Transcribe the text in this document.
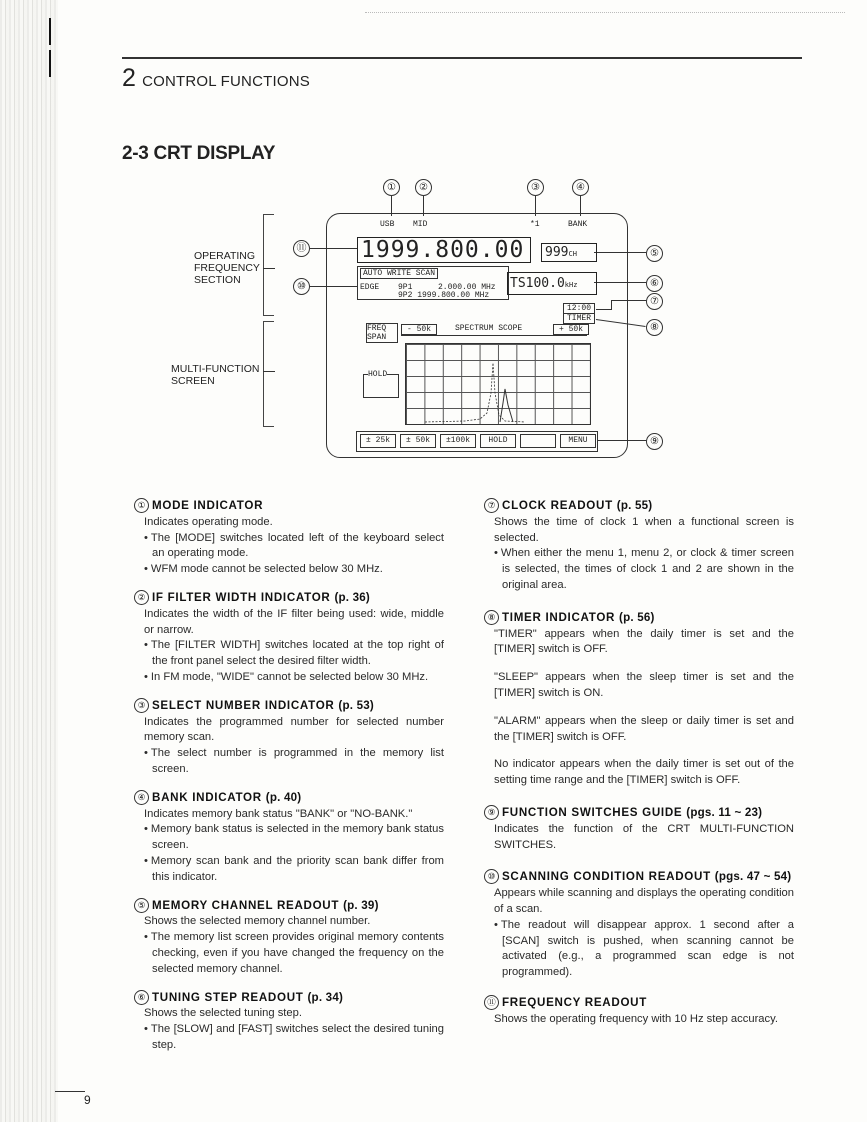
2 CONTROL FUNCTIONS
2-3 CRT DISPLAY
OPERATING
FREQUENCY
SECTION
MULTI-FUNCTION
SCREEN
①	②	③	④
⑪
⑩
⑤
⑥
⑦
⑧
⑨
USB MID	*1	BANK
1999.800.00	999CH
AUTO WRITE SCAN
EDGE 9P1	2.000.00 MHz
9P2 1999.800.00 MHz
TS100.0kHz
12:00
TIMER
FREQ
SPAN
- 50k	SPECTRUM SCOPE	+ 50k
HOLD
± 25k	± 50k	±100k	HOLD	MENU
① MODE INDICATOR

Indicates operating mode.

• The [MODE] switches located left of the keyboard select an operating mode.
• WFM mode cannot be selected below 30 MHz.
② IF FILTER WIDTH INDICATOR (p. 36)

Indicates the width of the IF filter being used: wide, middle or narrow.

• The [FILTER WIDTH] switches located at the top right of the front panel select the desired filter width.
• In FM mode, "WIDE" cannot be selected below 30 MHz.
③ SELECT NUMBER INDICATOR (p. 53)

Indicates the programmed number for selected number memory scan.

• The select number is programmed in the memory list screen.
④ BANK INDICATOR (p. 40)

Indicates memory bank status "BANK" or "NO-BANK."

• Memory bank status is selected in the memory bank status screen.
• Memory scan bank and the priority scan bank differ from this indicator.
⑤ MEMORY CHANNEL READOUT (p. 39)

Shows the selected memory channel number.

• The memory list screen provides original memory contents checking, even if you have changed the frequency on the selected memory channel.
⑥ TUNING STEP READOUT (p. 34)

Shows the selected tuning step.

• The [SLOW] and [FAST] switches select the desired tuning step.
⑦ CLOCK READOUT (p. 55)

Shows the time of clock 1 when a functional screen is selected.

• When either the menu 1, menu 2, or clock & timer screen is selected, the times of clock 1 and 2 are shown in the original area.
⑧ TIMER INDICATOR (p. 56)

"TIMER" appears when the daily timer is set and the [TIMER] switch is OFF.

"SLEEP" appears when the sleep timer is set and the [TIMER] switch is ON.

"ALARM" appears when the sleep or daily timer is set and the [TIMER] switch is OFF.

No indicator appears when the daily timer is set out of the setting time range and the [TIMER] switch is OFF.

⑨ FUNCTION SWITCHES GUIDE (pgs. 11 ~ 23)

Indicates the function of the CRT MULTI-FUNCTION SWITCHES.

⑩ SCANNING CONDITION READOUT (pgs. 47 ~ 54)

Appears while scanning and displays the operating condition of a scan.

• The readout will disappear approx. 1 second after a [SCAN] switch is pushed, when scanning cannot be activated (e.g., a programmed scan edge is not programmed).
⑪ FREQUENCY READOUT

Shows the operating frequency with 10 Hz step accuracy.

9
